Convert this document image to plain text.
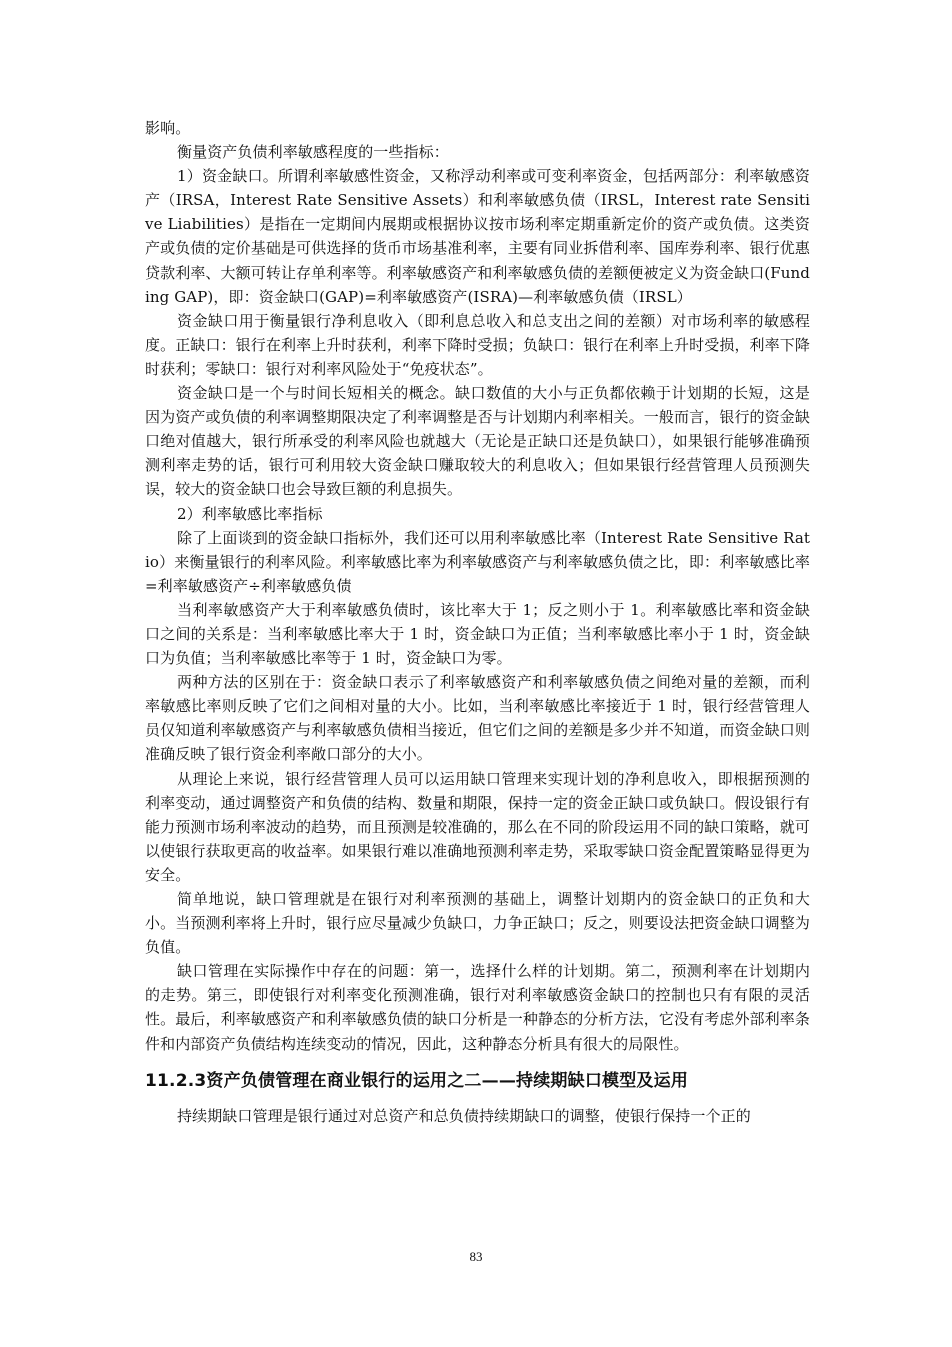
影响。

衡量资产负债利率敏感程度的一些指标：

1）资金缺口。所谓利率敏感性资金，又称浮动利率或可变利率资金，包括两部分：利率敏感资产（IRSA，Interest Rate Sensitive Assets）和利率敏感负债（IRSL，Interest rate Sensitive Liabilities）是指在一定期间内展期或根据协议按市场利率定期重新定价的资产或负债。这类资产或负债的定价基础是可供选择的货币市场基准利率，主要有同业拆借利率、国库券利率、银行优惠贷款利率、大额可转让存单利率等。利率敏感资产和利率敏感负债的差额便被定义为资金缺口(Funding GAP)，即：资金缺口(GAP)=利率敏感资产(ISRA)—利率敏感负债（IRSL）

资金缺口用于衡量银行净利息收入（即利息总收入和总支出之间的差额）对市场利率的敏感程度。正缺口：银行在利率上升时获利，利率下降时受损；负缺口：银行在利率上升时受损，利率下降时获利；零缺口：银行对利率风险处于“免疫状态”。

资金缺口是一个与时间长短相关的概念。缺口数值的大小与正负都依赖于计划期的长短，这是因为资产或负债的利率调整期限决定了利率调整是否与计划期内利率相关。一般而言，银行的资金缺口绝对值越大，银行所承受的利率风险也就越大（无论是正缺口还是负缺口），如果银行能够准确预测利率走势的话，银行可利用较大资金缺口赚取较大的利息收入；但如果银行经营管理人员预测失误，较大的资金缺口也会导致巨额的利息损失。

2）利率敏感比率指标

除了上面谈到的资金缺口指标外，我们还可以用利率敏感比率（Interest Rate Sensitive Ratio）来衡量银行的利率风险。利率敏感比率为利率敏感资产与利率敏感负债之比，即：利率敏感比率=利率敏感资产÷利率敏感负债

当利率敏感资产大于利率敏感负债时，该比率大于 1；反之则小于 1。利率敏感比率和资金缺口之间的关系是：当利率敏感比率大于 1 时，资金缺口为正值；当利率敏感比率小于 1 时，资金缺口为负值；当利率敏感比率等于 1 时，资金缺口为零。

两种方法的区别在于：资金缺口表示了利率敏感资产和利率敏感负债之间绝对量的差额，而利率敏感比率则反映了它们之间相对量的大小。比如，当利率敏感比率接近于 1 时，银行经营管理人员仅知道利率敏感资产与利率敏感负债相当接近，但它们之间的差额是多少并不知道，而资金缺口则准确反映了银行资金利率敞口部分的大小。

从理论上来说，银行经营管理人员可以运用缺口管理来实现计划的净利息收入，即根据预测的利率变动，通过调整资产和负债的结构、数量和期限，保持一定的资金正缺口或负缺口。假设银行有能力预测市场利率波动的趋势，而且预测是较准确的，那么在不同的阶段运用不同的缺口策略，就可以使银行获取更高的收益率。如果银行难以准确地预测利率走势，采取零缺口资金配置策略显得更为安全。

简单地说，缺口管理就是在银行对利率预测的基础上，调整计划期内的资金缺口的正负和大小。当预测利率将上升时，银行应尽量减少负缺口，力争正缺口；反之，则要设法把资金缺口调整为负值。

缺口管理在实际操作中存在的问题：第一，选择什么样的计划期。第二，预测利率在计划期内的走势。第三，即使银行对利率变化预测准确，银行对利率敏感资金缺口的控制也只有有限的灵活性。最后，利率敏感资产和利率敏感负债的缺口分析是一种静态的分析方法，它没有考虑外部利率条件和内部资产负债结构连续变动的情况，因此，这种静态分析具有很大的局限性。

11.2.3资产负债管理在商业银行的运用之二——持续期缺口模型及运用

持续期缺口管理是银行通过对总资产和总负债持续期缺口的调整，使银行保持一个正的

83
